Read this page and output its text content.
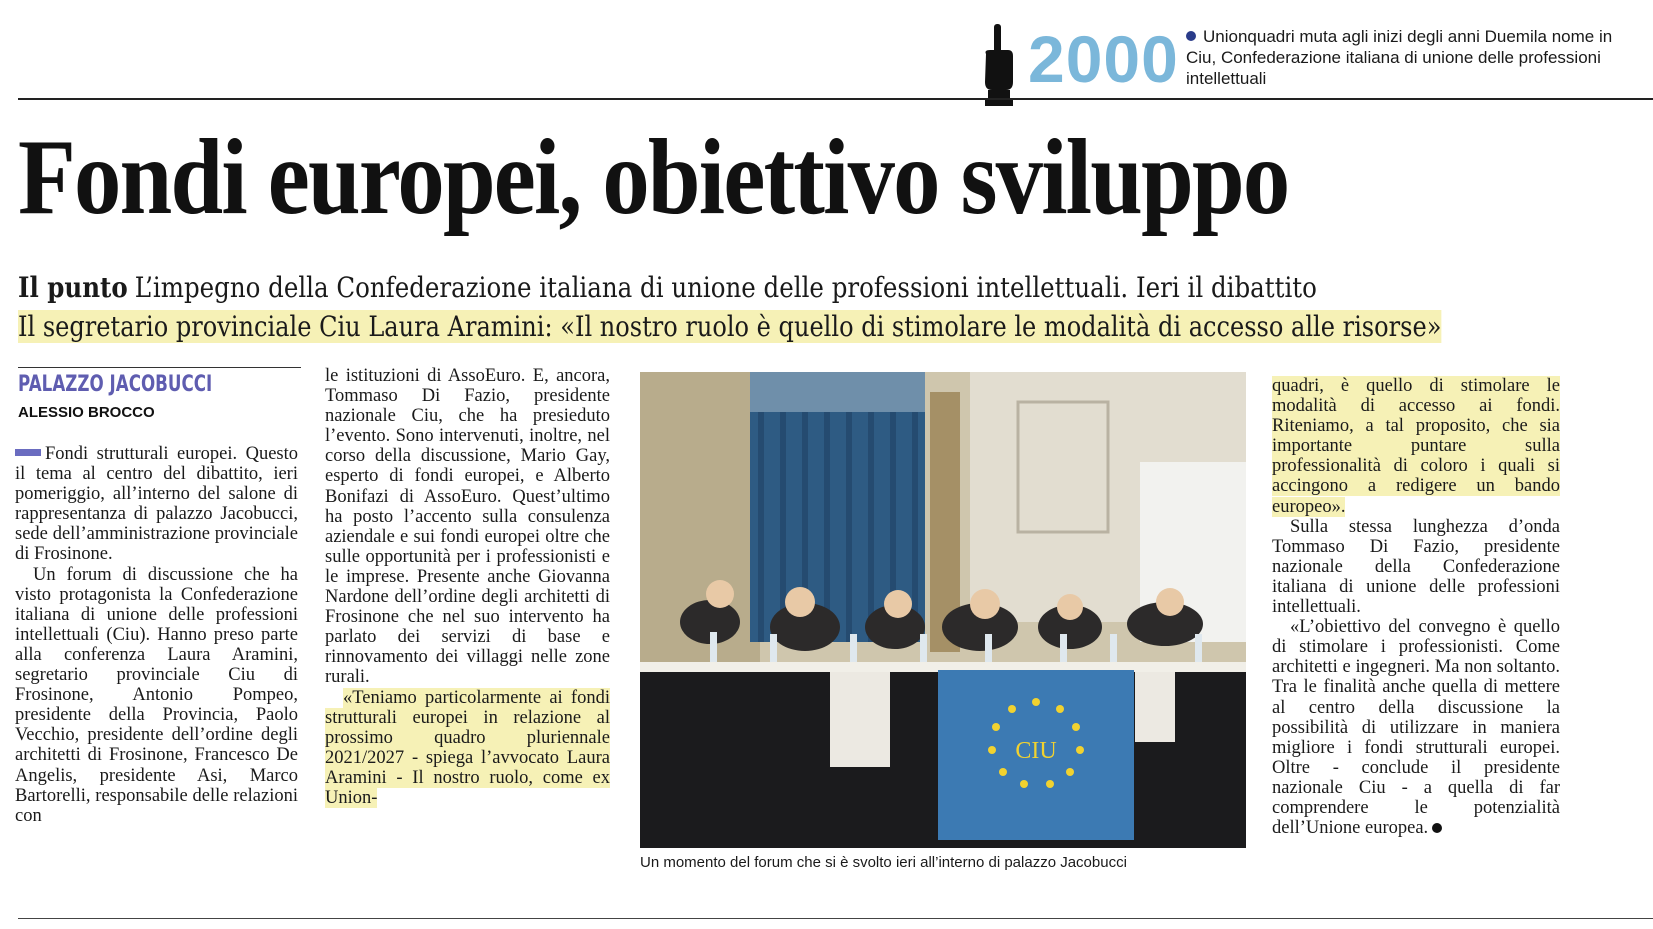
2000	Unionquadri muta agli inizi degli anni Duemila nome in Ciu, Confederazione italiana di unione delle professioni intellettuali
Fondi europei, obiettivo sviluppo
Il punto L’impegno della Confederazione italiana di unione delle professioni intellettuali. Ieri il dibattito
Il segretario provinciale Ciu Laura Aramini: «Il nostro ruolo è quello di stimolare le modalità di accesso alle risorse»
PALAZZO JACOBUCCI
ALESSIO BROCCO

Fondi strutturali europei. Questo il tema al centro del dibattito, ieri pomeriggio, all’interno del salone di rappresentanza di palazzo Jacobucci, sede dell’amministrazione provinciale di Frosinone.

Un forum di discussione che ha visto protagonista la Confederazione italiana di unione delle professioni intellettuali (Ciu). Hanno preso parte alla conferenza Laura Aramini, segretario provinciale Ciu di Frosinone, Antonio Pompeo, presidente della Provincia, Paolo Vecchio, presidente dell’ordine degli architetti di Frosinone, Francesco De Angelis, presidente Asi, Marco Bartorelli, responsabile delle relazioni con

le istituzioni di AssoEuro. E, ancora, Tommaso Di Fazio, presidente nazionale Ciu, che ha presieduto l’evento. Sono intervenuti, inoltre, nel corso della discussione, Mario Gay, esperto di fondi europei, e Alberto Bonifazi di AssoEuro. Quest’ultimo ha posto l’accento sulla consulenza aziendale e sui fondi europei oltre che sulle opportunità per i professionisti e le imprese. Presente anche Giovanna Nardone dell’ordine degli architetti di Frosinone che nel suo intervento ha parlato dei servizi di base e rinnovamento dei villaggi nelle zone rurali.

«Teniamo particolarmente ai fondi strutturali europei in relazione al prossimo quadro pluriennale 2021/2027 - spiega l’avvocato Laura Aramini - Il nostro ruolo, come ex Union-

CIU
Un momento del forum che si è svolto ieri all’interno di palazzo Jacobucci

quadri, è quello di stimolare le modalità di accesso ai fondi. Riteniamo, a tal proposito, che sia importante puntare sulla professionalità di coloro i quali si accingono a redigere un bando europeo».

Sulla stessa lunghezza d’onda Tommaso Di Fazio, presidente nazionale della Confederazione italiana di unione delle professioni intellettuali.

«L’obiettivo del convegno è quello di stimolare i professionisti. Come architetti e ingegneri. Ma non soltanto. Tra le finalità anche quella di mettere al centro della discussione la possibilità di utilizzare in maniera migliore i fondi strutturali europei. Oltre - conclude il presidente nazionale Ciu - a quella di far comprendere le potenzialità dell’Unione europea.
